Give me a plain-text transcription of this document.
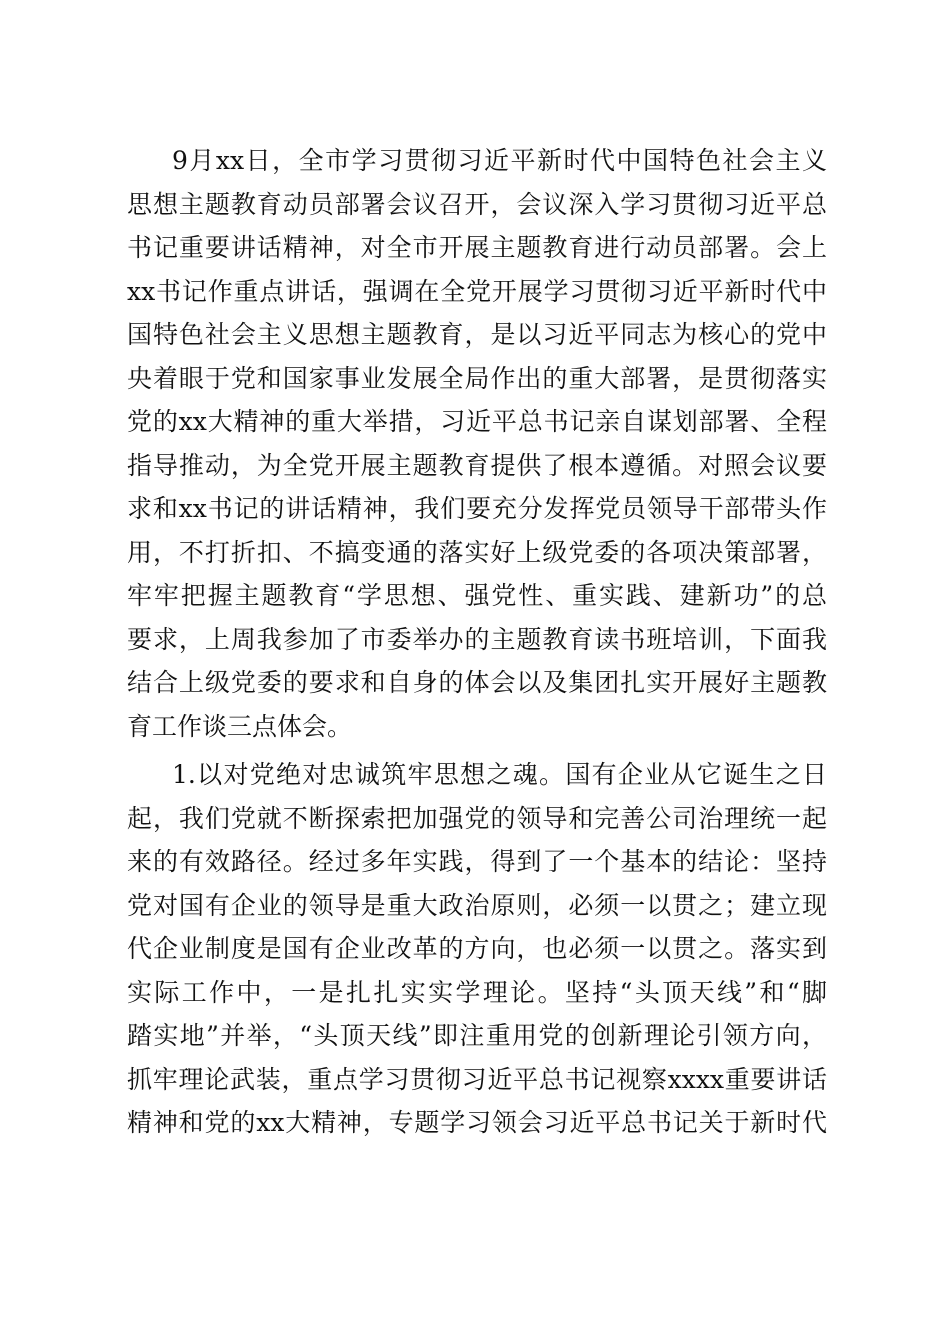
9月xx日，全市学习贯彻习近平新时代中国特色社会主义
思想主题教育动员部署会议召开，会议深入学习贯彻习近平总
书记重要讲话精神，对全市开展主题教育进行动员部署。会上
xx书记作重点讲话，强调在全党开展学习贯彻习近平新时代中
国特色社会主义思想主题教育，是以习近平同志为核心的党中
央着眼于党和国家事业发展全局作出的重大部署，是贯彻落实
党的xx大精神的重大举措，习近平总书记亲自谋划部署、全程
指导推动，为全党开展主题教育提供了根本遵循。对照会议要
求和xx书记的讲话精神，我们要充分发挥党员领导干部带头作
用，不打折扣、不搞变通的落实好上级党委的各项决策部署，
牢牢把握主题教育“学思想、强党性、重实践、建新功”的总
要求，上周我参加了市委举办的主题教育读书班培训，下面我
结合上级党委的要求和自身的体会以及集团扎实开展好主题教
育工作谈三点体会。
1.以对党绝对忠诚筑牢思想之魂。国有企业从它诞生之日
起，我们党就不断探索把加强党的领导和完善公司治理统一起
来的有效路径。经过多年实践，得到了一个基本的结论：坚持
党对国有企业的领导是重大政治原则，必须一以贯之；建立现
代企业制度是国有企业改革的方向，也必须一以贯之。落实到
实际工作中，一是扎扎实实学理论。坚持“头顶天线”和“脚
踏实地”并举，“头顶天线”即注重用党的创新理论引领方向，
抓牢理论武装，重点学习贯彻习近平总书记视察xxxx重要讲话
精神和党的xx大精神，专题学习领会习近平总书记关于新时代
